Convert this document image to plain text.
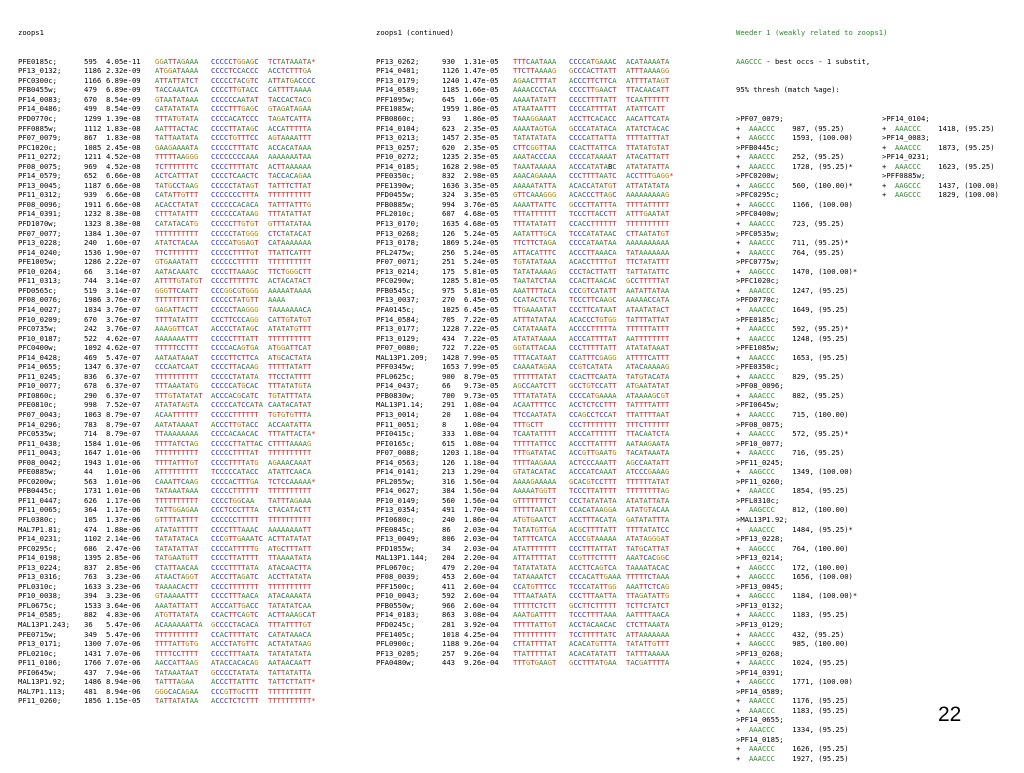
zoops1

PFE0185c;	595 4.05e-11 GGATTAGAAA CCCCCTGGAGC TCTATAAATA*
PF13_0132;	1186 2.32e-09 ATGGATAAAA CCCCTCCACCC ACCTCTTTGA
PFC0300c;	1166 6.89e-09 ATTATTATCT CCCCCTACGTC ATTATGACCCC
PFB0455w;	479 6.89e-09 TACCAAATCA CCCCTTGTACC CATTTTAAAA
PF14_0083;	670 8.54e-09 GTAATATAAA CCCCCCAATAT TACCACTACG
PF14_0486;	499 8.54e-09 CATATATATA CCCCTTTGAGC GTAGATAGAA
PFD0770c;	1299 1.39e-08 TTTATGTATA CCCCACATCCC TAGATCATTA
PFF0885w;	1112 1.83e-08 AATTTACTAC CCCCTTATAGC ACCATTTTTA
PF07_0079;	867 1.83e-08 TATTAATATA CCCCTGTTTCC AGTAAAATTT
PFC1020c;	1085 2.45e-08 GAAGAAAATA CCCCCTTTATC ACCACATAAA
PF11_0272;	1211 4.52e-08 TTTTTAAGGG CCCCCCCCAAA AAAAAAATAA
PF08_0075;	969 4.52e-08 TCTTTTTTTC CCCCTTTTATC ACTTAAAAAA
PF14_0579;	652 6.66e-08 ACTCATTTAT CCCCTCAACTC TACCACAGAA
PF13_0045;	1187 6.66e-08 TATGCCTAAG CCCCCTATAGT TATTTCTTAT
PF11_0312;	939 6.66e-08 CATATTGTTT CCCCCCCTTTA TTTTTTTTTT
PF08_0096;	1911 6.66e-08 ACACCTATAT CCCCCCACACA TATTTATTTG
PF14_0391;	1232 8.38e-08 CTTTATATTT CCCCCCATAAG TTTATATTAT
PFD1070w;	1323 8.38e-08 CATATACATG CCCCCTTGTGT GTTTATATAA
PF07_0077;	1384 1.30e-07 TTTTTTTTTT CCCCCTATGGG CTCTATACAT
PF13_0228;	240 1.60e-07 ATATCTACAA CCCCATGGAGT CATAAAAAAA
PF14_0240;	1536 1.90e-07 TTCTTTTTTT CCCCCTTTTGT TTATTCATTT
PFE1005w;	1286 2.22e-07 GTGAAATATT CCCCCCTTTTT TTTTTTTTTT
PF10_0264;	66 3.14e-07 AATACAAATC CCCCTTAAAGC TTCTGGGCTT
PF11_0313;	744 3.14e-07 ATTTTGTATGT CCCCTTTTTTC ACTACATACT
PFD0565c;	519 3.14e-07 GGGTTCAATT CCCGGCGTGGG AAAAATAAAA
PF08_0076;	1986 3.76e-07 TTTTTTTTTT CCCCCTATGTT AAAA
PF14_0027;	1034 3.76e-07 GAGATTACTT CCCCCTAAGGG TAAAAAAACA
PF10_0209;	670 3.76e-07 TTTTATATTT CCCTTCCCAGG CATTGTATGT
PFC0735w;	242 3.76e-07 AAAGGTTCAT ACCCCTATAGC ATATATGTTT
PF10_0187;	522 4.62e-07 AAAAAAATTT CCCCCTTTATT TTTTTTTTTT
PFC0400w;	1092 4.62e-07 TTTTTCCTTT CCCCACAGTGA ATGGATTCAT
PF14_0428;	469 5.47e-07 AATAATAAAT CCCCTTCTTCA ATGCACTATA
PF14_0655;	1347 6.37e-07 CCCAATCAAT CCCCTTACAAG TTTTTATATT
PF11_0245;	836 6.37e-07 TTTTTTTTTT CCCCCTATATA TTCCTATTTT
PF10_0077;	678 6.37e-07 TTTAAATATG CCCCCATGCAC TTTATATGTA
PFI0860c;	290 6.37e-07 TTTGTATATAT ACCCACGCATC TGTATTTATA
PFE0810c;	998 7.52e-07 ATATATAGTA CCCCCATCCATA CAATACATAT
PF07_0043;	1063 8.79e-07 ACAATTTTTT CCCCCTTTTTT TGTGTGTTTA
PF14_0296;	783 8.79e-07 AATATAAAAT ACCCTTGTACC ACCAATATTA
PFC0535w;	714 8.79e-07 TTAAAAAAAA CCCCACAACAC TTTATTACTA*
PF11_0438;	1584 1.01e-06 TTTTATCTAG CCCCCTTATTAC CTTTTAAAAG
PF11_0043;	1647 1.01e-06 TTTTTTTTTT CCCCCTTTTAT TTTTTTTTTT
PF08_0042;	1943 1.01e-06 TTTTATTTGT CCCCTTTTATG AGAAACAAAT
PFE0885w;	44 1.01e-06 ATTTTTTTTT TCCCCCATACC ATATTCAACA
PFC0200w;	563 1.01e-06 CAAATTCAAG CCCCACTTTGA TCTCCAAAAA*
PFB0445c;	1731 1.01e-06 TATAAATAAA CCCCCTTTTTT TTTTTTTTTT
PF11_0447;	626 1.17e-06 TTTTTTTTTT CCCCTGGCAA TATTTAGAAA
PF11_0065;	364 1.17e-06 TATTGGAGAA CCCTCCCTTTA CTACATACTT
PFL0380c;	105 1.37e-06 GTTTTATTTT CCCCCCTTTTT TTTTTTTTTT
MAL7P1.81;	474 1.88e-06 ATATATTTTT CCCCTTTAAAC AAAAAAAATT
PF14_0231;	1102 2.14e-06 TATATATACA CCCGTTGAAATC ACTTATATAT
PFC0295c;	686 2.47e-06 TATATATTAT CCCCATTTTTG ATGCTTTATT
PF14_0198;	1395 2.85e-06 TATGAATGTT CCCCTTATTTT TTAAAATATA
PF13_0224;	837 2.85e-06 CTATTAACAA CCCCTTTTATA ATACAACTTA
PF13_0316;	763 3.23e-06 ATAACTAGGT ACCCTTAGATC ACCTTATATA
PFL0310c;	1633 3.23e-06 TAAAACACTT CCCCTTTTTTT TTTTTTTTTT
PF10_0038;	394 3.23e-06 GTAAAAATTT CCCCTTTAACA ATACAAAATA
PFL0675c;	1533 3.64e-06 AAATATTATT ACCCATTGACC TATATATCAA
PF14_0585;	882 4.83e-06 ATGTTATATA CCACTTCAGTC ACTTAAAGCAT
MAL13P1.243; 36 5.47e-06 ACAAAAAATTA GCCCCTACACA TTTATTTTGT
PFE0715w;	349 5.47e-06 TTTTTTTTTT CCACTTTTATC CATATAAACA
PF13_0171;	1300 7.07e-06 TTTTATTGTG ACCCTATGTTC ACTATATAAG
PFL0210c;	1431 7.07e-06 TTTTCCTTTT CCCCTTTAATA TATATATATA
PF11_0106;	1766 7.07e-06 AACCATTAAG ATACCACACAG AATAACAATT
PFI0645w;	437 7.94e-06 TATAAATAAT GCCCCTATATA TATTATATTA
MAL13P1.92;	1486 8.94e-06 TATTTAGAA ACCCTTATTTC TATTCTTATT*
MAL7P1.113;	481 8.94e-06 GGGCACAGAA CCCGTTGCTTT TTTTTTTTTT
PF11_0260;	1856 1.15e-05 TATTATATAA ACCCTCTCTTT TTTTTTTTTT*

zoops1 (continued)

PF13_0262;	930 1.31e-05 TTTCAATAAA CCCCATGAAAC ACATAAAATA
PF14_0401;	1126 1.47e-05 TTCTTAAAAG GCCCACTTATT ATTTAAAAGG
PF13_0179;	1240 1.47e-05 AGAACTTTAT ACCCTTCTTCA ATTTTATAGT
PF14_0589;	1185 1.66e-05 AAAACCCTAA CCCCTTGAACT TTACAACATT
PFF1095w;	645 1.66e-05 AAAATATATT CCCCTTTTATT TCAATTTTTT
PFE1085w;	1959 1.86e-05 ATAATAATTT CCCCATTTTAT ATATTCATT
PFB0860c;	93 1.86e-05 TAAAGGAAAT ACCTTCACACC AACATTCATA
PF14_0104;	623 2.35e-05 AAAATAGTGA GCCCATATACA ATATCTACAC
PF13_0213;	1457 2.35e-05 TATATATATA CCCCATTATTA TTTTATTTAT
PF13_0257;	620 2.35e-05 CTTCGGTTAA CCACTTATTCA TTATATGTAT
PF10_0272;	1235 2.35e-05 AAATACCCAA CCCCATAAAAT ATACATTATT
PF14_0185;	1628 2.98e-05 TAAATAAAAA ACCCATATABC ATATATATTA
PFE0350c;	832 2.98e-05 AAACAGAAAA CCCTTTTAATC ACCTTTGAGG*
PFE1390w;	1636 3.35e-05 AAAAATATTA ACACCATATGT ATTATATATA
PFD0455w;	324 3.35e-05 GTTCAAAGGG ACACCCTTAGC AAAAAAAAAG
PFB0885w;	994 3.76e-05 AAAATTATTC GCCCTTATTTA TTTTATTTTT
PFL2010c;	607 4.68e-05 TTTATTTTTT TCCCTTACCTT ATTTGAATAT
PF13_0170;	1635 4.68e-05 TTTATATATT CCACCTTTTTT TTTTTTTTTT
PF13_0268;	126 5.24e-05 AATATTTGCA TCCCATATAAC CTTAATATGT
PF13_0178;	1869 5.24e-05 TTCTTCTAGA CCCCATAATAA AAAAAAAAAA
PFL2475w;	256 5.24e-05 ATTACATTTC ACCCTTAAACA TATAAAAAAA
PF07_0071;	251 5.24e-05 TGTATATAAA ACACCTTTTGT TTCTATATTT
PF13_0214;	175 5.81e-05 TATATAAAAG CCCTACTTATT TATTATATTC
PFC0290w;	1285 5.81e-05 TAATATCTAA CCACTTAACAC GCCTTTTTAT
PFB0545c;	975 5.81e-05 AAATTTTACA CCCGTCATATT AATATTATAA
PF13_0037;	270 6.45e-05 CCATACTCTA TCCCTTCAAGC AAAAACCATA
PFA0145c;	1025 6.45e-05 TTGAAAATAT CCCTTCATAAT ATAATATACT
PF14_0584;	705 7.22e-05 ATTTATATAA ACACCCTGTGG TATTTATTAT
PF13_0177;	1228 7.22e-05 CATATAAATA ACCCCTTTTTA TTTTTTATTT
PF13_0129;	434 7.22e-05 ATATATAAAA ACCCATTTTAT AATTTTTTTT
PF07_0080;	722 7.22e-05 GGTATTACAA CCCTTTTTATT ATATATAAAT
MAL13P1.209; 1428 7.99e-05 TTTACATAAT CCATTTCGAGG ATTTTCATTT
PFF0345w;	1653 7.99e-05 CAAAATAGAA CCGTCATATA ATACAAAAAG
PFL0625c;	900 8.79e-05 TTTTTTATAT CCACTTCAATA TATGTACATA
PF14_0437;	66 9.73e-05 AGCCAATCTT GCCTGTCCATT ATGAATATAT
PFB0830w;	700 9.73e-05 TTTATATATA CCCCATGAAAA ATAAAAGCGT
MAL13P1.14;	291 1.08e-04 ACAATTTTCC ACCTCTCCTTT TATTTTATTT
PF13_0014;	20 1.08e-04 TTCCAATATA CCAGCCTCCAT TTATTTTAAT
PF11_0051;	8 1.08e-04 TTTGCTT	CCCTTTTTTTT TTTCTTTTTT
PFI0415c;	333 1.08e-04 TCAATATTTT ACCCATTTTTT TTACAATCTA
PFI0165c;	615 1.08e-04 TTTTTATTCC ACCCTTATTTT AATAAGAATA
PF07_0088;	1203 1.18e-04 TTTGATATAC ACCGTTGAATG TACATAAATA
PF14_0563;	126 1.18e-04 TTTTAAGAAA ACTCCCAAATT AGCCAATATT
PF14_0141;	213 1.29e-04 GTATACATAC ACCCATCAAAT ATCCCGAAAG
PFL2055w;	316 1.56e-04 AAAAGAAAAA GCACGTCCTTT TTTTTTATAT
PF14_0627;	384 1.56e-04 AAAAATGGTT TCCCTTATTTT TTTTTTTTAG
PF10_0149;	560 1.56e-04 GTTTTTTTCT CCCTATATATA ATATATTATA
PF13_0354;	491 1.70e-04 TTTTTAATTT CCACATAAGGA ATATGTACAA
PFI0680c;	240 1.86e-04 ATGTGAATCT ACCTTTACATA GATATATTTA
PFE0845c;	86 2.03e-04 TATATGTTGA ACGCTTTTATT TTTTATATCC
PF13_0049;	806 2.03e-04 TATTTCATCA ACCCGTAAAAA ATATAGGGAT
PFD1055w;	34 2.03e-04 ATATTTTTTT CCCTTTATTAT TATGCATTAT
MAL13P1.144; 204 2.20e-04 ATTATTTTAT CCGTTTCTTTT AAATCACGGC
PFL0670c;	479 2.20e-04 TATATATATA ACCTTCAGTCA TAAAATACAC
PF08_0039;	453 2.60e-04 TATAAAATCT CCCACATTGAAA TTTTTCTAAA
PFF1500c;	411 2.60e-04 CCATGTTTCC TCCCATATTGG AAATTCTCAG
PF10_0043;	592 2.60e-04 TTTAATAATA CCCTTTAATTA TTAGATATTG
PFB0550w;	966 2.60e-04 TTTTTCTCTT GCCTTCTTTTT TCTTCTATCT
PF14_0183;	863 3.08e-04 AAATGATTTT TCCCTTTTAAA AATTTTAACA
PFD0245c;	281 3.92e-04 TTTTTATTGT ACCTACAACAC CTCTTAAATA
PFE1405c;	1018 4.25e-04 TTTTTTTTTT TCCTTTTTATC ATTAAAAAAA
PFL0900c;	1188 9.26e-04 CTTATTTTAT ACACATGTTTA TATATTGTTT
PF13_0205;	257 9.26e-04 TTATTTTTAT ACACATATATT TATTTAAAAA
PFA0480w;	443 9.26e-04 TTTGTGAAGT GCCTTTATGAA TACGATTTTA

Weeder 1 (weakly related to zoops1)

AAGCCC - best occs - 1 substit,

95% thresh (match %age):

>PF07_0079;	>PF14_0104;
+  AAACCC    987, (95.25)	+  AAACCC    1418, (95.25)
+  AAGCCC    1593, (100.00)	>PF14_0083;
>PFB0445c;	+  AAACCC    1873, (95.25)
+  AAACCC    252, (95.25)	>PF14_0231;
+  AAACCC    1728, (95.25)*	+  AAACCC    1623, (95.25)
>PFC0200w;	>PFF0885w;
+  AAGCCC    560, (100.00)*	+  AAGCCC    1437, (100.00)
>PFC0295c;	+  AAGCCC    1829, (100.00)
+  AAGCCC    1166, (100.00)
>PFC0400w;
+  AAACCC    723, (95.25)
>PFC0535w;
+  AAACCC    711, (95.25)*
+  AAACCC    764, (95.25)
>PFC0775w;
+  AAGCCC    1470, (100.00)*
>PFC1020c;
+  AAACCC    1247, (95.25)
>PFD0770c;
+  AAACCC    1649, (95.25)
>PFE0185c;
+  AAACCC    592, (95.25)*
+  AAACCC    1248, (95.25)
>PFE1085w;
+  AAACCC    1653, (95.25)
>PFE0350c;
+  AAACCC    829, (95.25)
>PF08_0096;
+  AAACCC    882, (95.25)
>PFI0645w;
+  AAACCC    715, (100.00)
>PF08_0075;
+  AAACCC    572, (95.25)*
>PF10_0077;
+  AAACCC    716, (95.25)
>PF11_0245;
+  AAGCCC    1349, (100.00)
>PF11_0260;
+  AAACCC    1854, (95.25)
>PFL0310c;
+  AAGCCC    812, (100.00)
>MAL13P1.92;
+  AAACCC    1484, (95.25)*
>PF13_0228;
+  AAGCCC    764, (100.00)
>PF13_0214;
+  AAGCCC    172, (100.00)
+  AAGCCC    1656, (100.00)
>PF13_0045;
+  AAGCCC    1184, (100.00)*
>PF13_0132;
+  AAACCC    1183, (95.25)
>PF13_0129;
+  AAACCC    432, (95.25)
+  AAGCCC    985, (100.00)
>PF13_0268;
+  AAACCC    1024, (95.25)
>PF14_0391;
+  AAGCCC    1771, (100.00)
>PF14_0589;
+  AAACCC    1176, (95.25)
+  AAACCC    1183, (95.25)
>PF14_0655;
+  AAACCC    1334, (95.25)
>PF14_0185;
+  AAACCC    1626, (95.25)
+  AAACCC    1927, (95.25)

22
